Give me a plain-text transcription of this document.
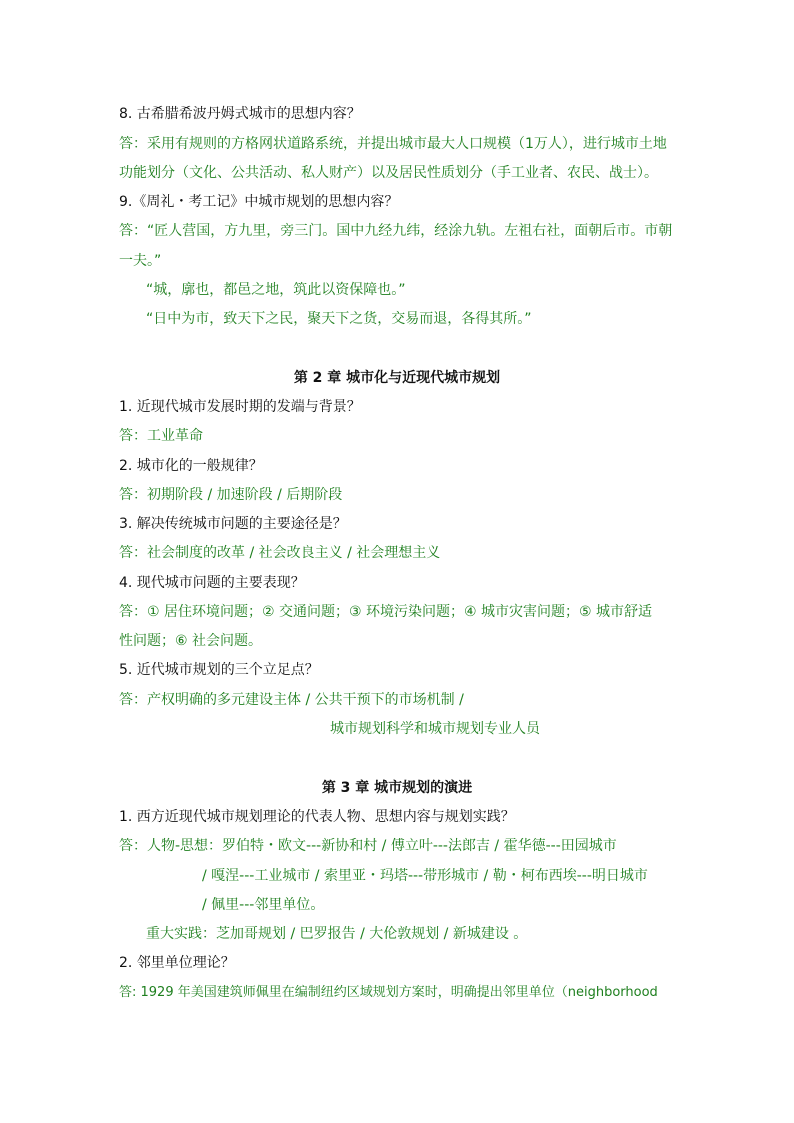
8. 古希腊希波丹姆式城市的思想内容？
答：采用有规则的方格网状道路系统，并提出城市最大人口规模（1万人），进行城市土地
功能划分（文化、公共活动、私人财产）以及居民性质划分（手工业者、农民、战士）。
9.《周礼・考工记》中城市规划的思想内容？
答：“匠人营国，方九里，旁三门。国中九经九纬，经涂九轨。左祖右社，面朝后市。市朝
一夫。”
“城，廓也，都邑之地，筑此以资保障也。”
“日中为市，致天下之民，聚天下之货，交易而退，各得其所。”
第 2 章 城市化与近现代城市规划
1. 近现代城市发展时期的发端与背景？
答：工业革命
2. 城市化的一般规律？
答：初期阶段 / 加速阶段 / 后期阶段
3. 解决传统城市问题的主要途径是？
答：社会制度的改革 / 社会改良主义 / 社会理想主义
4. 现代城市问题的主要表现？
答：① 居住环境问题；② 交通问题；③ 环境污染问题；④ 城市灾害问题；⑤ 城市舒适
性问题；⑥ 社会问题。
5. 近代城市规划的三个立足点？
答：产权明确的多元建设主体 / 公共干预下的市场机制 /
城市规划科学和城市规划专业人员
第 3 章 城市规划的演进
1. 西方近现代城市规划理论的代表人物、思想内容与规划实践？
答：人物-思想：罗伯特・欧文---新协和村 / 傅立叶---法郎吉 / 霍华德---田园城市
/ 嘎涅---工业城市 / 索里亚・玛塔---带形城市 / 勒・柯布西埃---明日城市
/ 佩里---邻里单位。
重大实践：芝加哥规划 / 巴罗报告 / 大伦敦规划 / 新城建设 。
2. 邻里单位理论？
答: 1929 年美国建筑师佩里在编制纽约区域规划方案时，明确提出邻里单位（neighborhood
